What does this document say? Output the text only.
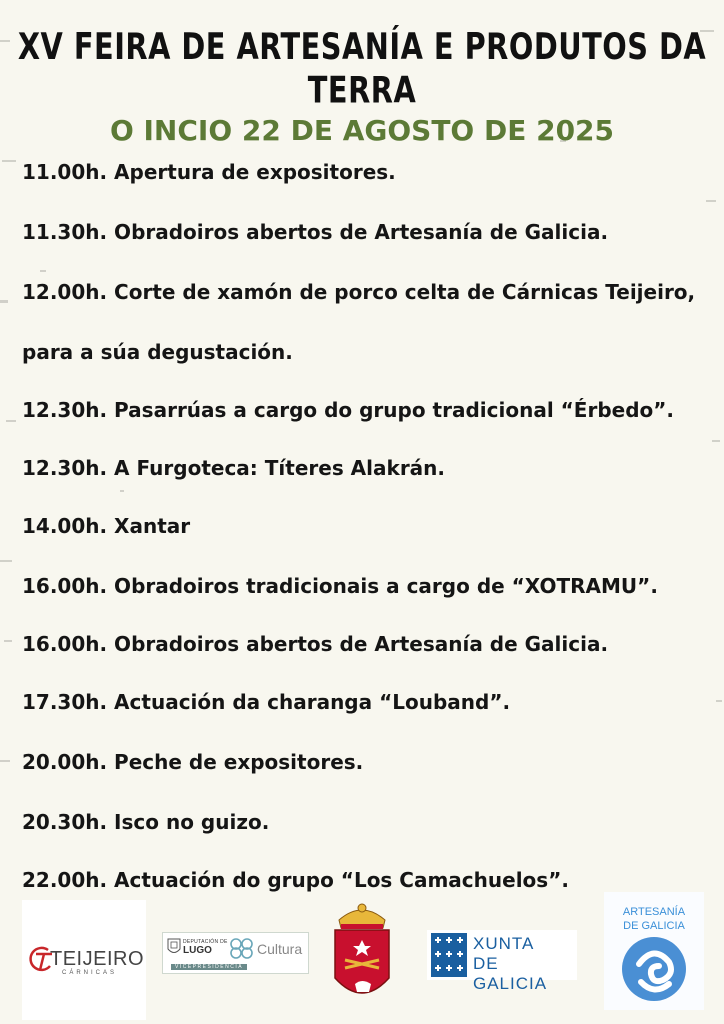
XV FEIRA DE ARTESANÍA E PRODUTOS DA TERRA
O INCIO 22 DE AGOSTO DE 2025
11.00h. Apertura de expositores.
11.30h. Obradoiros abertos de Artesanía de Galicia.
12.00h. Corte de xamón de porco celta de Cárnicas Teijeiro,
para a súa degustación.
12.30h. Pasarrúas a cargo do grupo tradicional “Érbedo”.
12.30h. A Furgoteca: Títeres Alakrán.
14.00h. Xantar
16.00h. Obradoiros tradicionais a cargo de “XOTRAMU”.
16.00h. Obradoiros abertos de Artesanía de Galicia.
17.30h. Actuación da charanga “Louband”.
20.00h. Peche de expositores.
20.30h. Isco no guizo.
22.00h. Actuación do grupo “Los Camachuelos”.
TEIJEIRO
CÁRNICAS
DEPUTACIÓN DE
LUGO	Cultura
VICEPRESIDENCIA
XUNTA
DE GALICIA
ARTESANÍA
DE GALICIA
